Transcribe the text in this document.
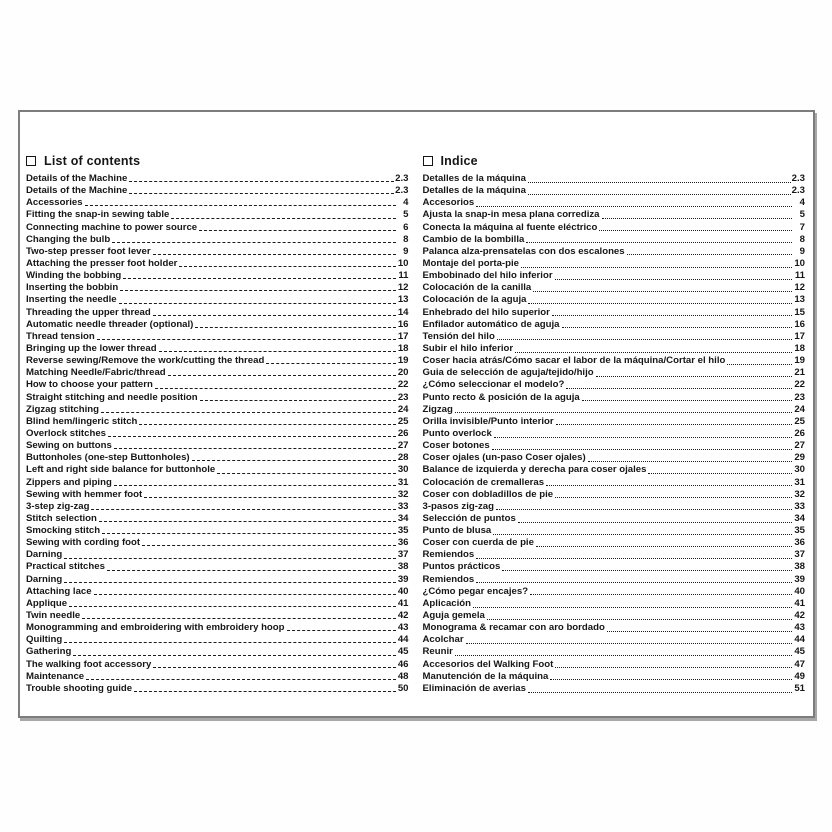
List of contents
Details of the Machine	2.3
Details of the Machine	2.3
Accessories	4
Fitting the snap-in sewing table	5
Connecting machine to power source	6
Changing the bulb	8
Two-step presser foot lever	9
Attaching the presser foot holder	10
Winding the bobbing	11
Inserting the bobbin	12
Inserting the needle	13
Threading the upper thread	14
Automatic needle threader (optional)	16
Thread tension	17
Bringing up the lower thread	18
Reverse sewing/Remove the work/cutting the thread	19
Matching Needle/Fabric/thread	20
How to choose your pattern	22
Straight stitching and needle position	23
Zigzag stitching	24
Blind hem/lingeric stitch	25
Overlock stitches	26
Sewing on buttons	27
Buttonholes (one-step Buttonholes)	28
Left and right side balance for buttonhole	30
Zippers and piping	31
Sewing with hemmer foot	32
3-step zig-zag	33
Stitch selection	34
Smocking stitch	35
Sewing with cording foot	36
Darning	37
Practical stitches	38
Darning	39
Attaching lace	40
Applique	41
Twin needle	42
Monogramming and embroidering with embroidery hoop	43
Quilting	44
Gathering	45
The walking foot accessory	46
Maintenance	48
Trouble shooting guide	50
Indice
Detalles de la máquina	2.3
Detalles de la máquina	2.3
Accesorios	4
Ajusta la snap-in mesa plana corrediza	5
Conecta la máquina al fuente eléctrico	7
Cambio de la bombilla	8
Palanca alza-prensatelas con dos escalones	9
Montaje del porta-pie	10
Embobinado del hilo inferior	11
Colocación de la canilla	12
Colocación de la aguja	13
Enhebrado del hilo superior	15
Enfilador automático de aguja	16
Tensión del hilo	17
Subir el hilo inferior	18
Coser hacia atrás/Cómo sacar el labor de la máquina/Cortar el hilo	19
Guia de selección de aguja/tejido/hijo	21
¿Cómo seleccionar el modelo?	22
Punto recto & posición de la aguja	23
Zigzag	24
Orilla invisible/Punto interior	25
Punto overlock	26
Coser botones	27
Coser ojales (un-paso Coser ojales)	29
Balance de izquierda y derecha para coser ojales	30
Colocación de cremalleras	31
Coser con dobladillos de pie	32
3-pasos zig-zag	33
Selección de puntos	34
Punto de blusa	35
Coser con cuerda de pie	36
Remiendos	37
Puntos prácticos	38
Remiendos	39
¿Cómo pegar encajes?	40
Aplicación	41
Aguja gemela	42
Monograma & recamar con aro bordado	43
Acolchar	44
Reunir	45
Accesorios del Walking Foot	47
Manutención de la máquina	49
Eliminación de averias	51
